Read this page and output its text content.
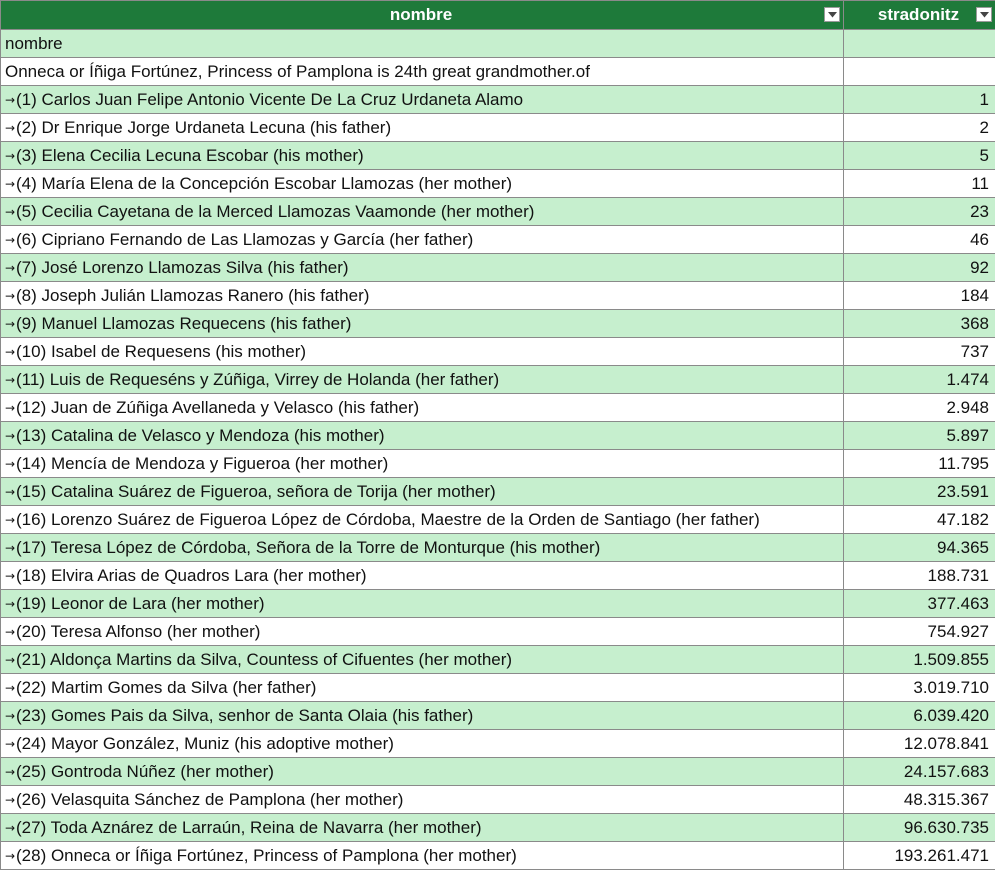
nombre	stradonitz

nombre	
Onneca or Íñiga Fortúnez, Princess of Pamplona is 24th great grandmother.of	
→(1) Carlos Juan Felipe Antonio Vicente De La Cruz Urdaneta Alamo	1
→(2) Dr Enrique Jorge Urdaneta Lecuna (his father)	2
→(3) Elena Cecilia Lecuna Escobar (his mother)	5
→(4) María Elena de la Concepción Escobar Llamozas (her mother)	11
→(5) Cecilia Cayetana de la Merced Llamozas Vaamonde (her mother)	23
→(6) Cipriano Fernando de Las Llamozas y García (her father)	46
→(7) José Lorenzo Llamozas Silva (his father)	92
→(8) Joseph Julián Llamozas Ranero (his father)	184
→(9) Manuel Llamozas Requecens (his father)	368
→(10) Isabel de Requesens (his mother)	737
→(11) Luis de Requeséns y Zúñiga, Virrey de Holanda (her father)	1.474
→(12) Juan de Zúñiga Avellaneda y Velasco (his father)	2.948
→(13) Catalina de Velasco y Mendoza (his mother)	5.897
→(14) Mencía de Mendoza y Figueroa (her mother)	11.795
→(15) Catalina Suárez de Figueroa, señora de Torija (her mother)	23.591
→(16) Lorenzo Suárez de Figueroa López de Córdoba, Maestre de la Orden de Santiago (her father)	47.182
→(17) Teresa López de Córdoba, Señora de la Torre de Monturque (his mother)	94.365
→(18) Elvira Arias de Quadros Lara (her mother)	188.731
→(19) Leonor de Lara (her mother)	377.463
→(20) Teresa Alfonso (her mother)	754.927
→(21) Aldonça Martins da Silva, Countess of Cifuentes (her mother)	1.509.855
→(22) Martim Gomes da Silva (her father)	3.019.710
→(23) Gomes Pais da Silva, senhor de Santa Olaia (his father)	6.039.420
→(24) Mayor González, Muniz (his adoptive mother)	12.078.841
→(25) Gontroda Núñez (her mother)	24.157.683
→(26) Velasquita Sánchez de Pamplona (her mother)	48.315.367
→(27) Toda Aznárez de Larraún, Reina de Navarra (her mother)	96.630.735
→(28) Onneca or Íñiga Fortúnez, Princess of Pamplona (her mother)	193.261.471
